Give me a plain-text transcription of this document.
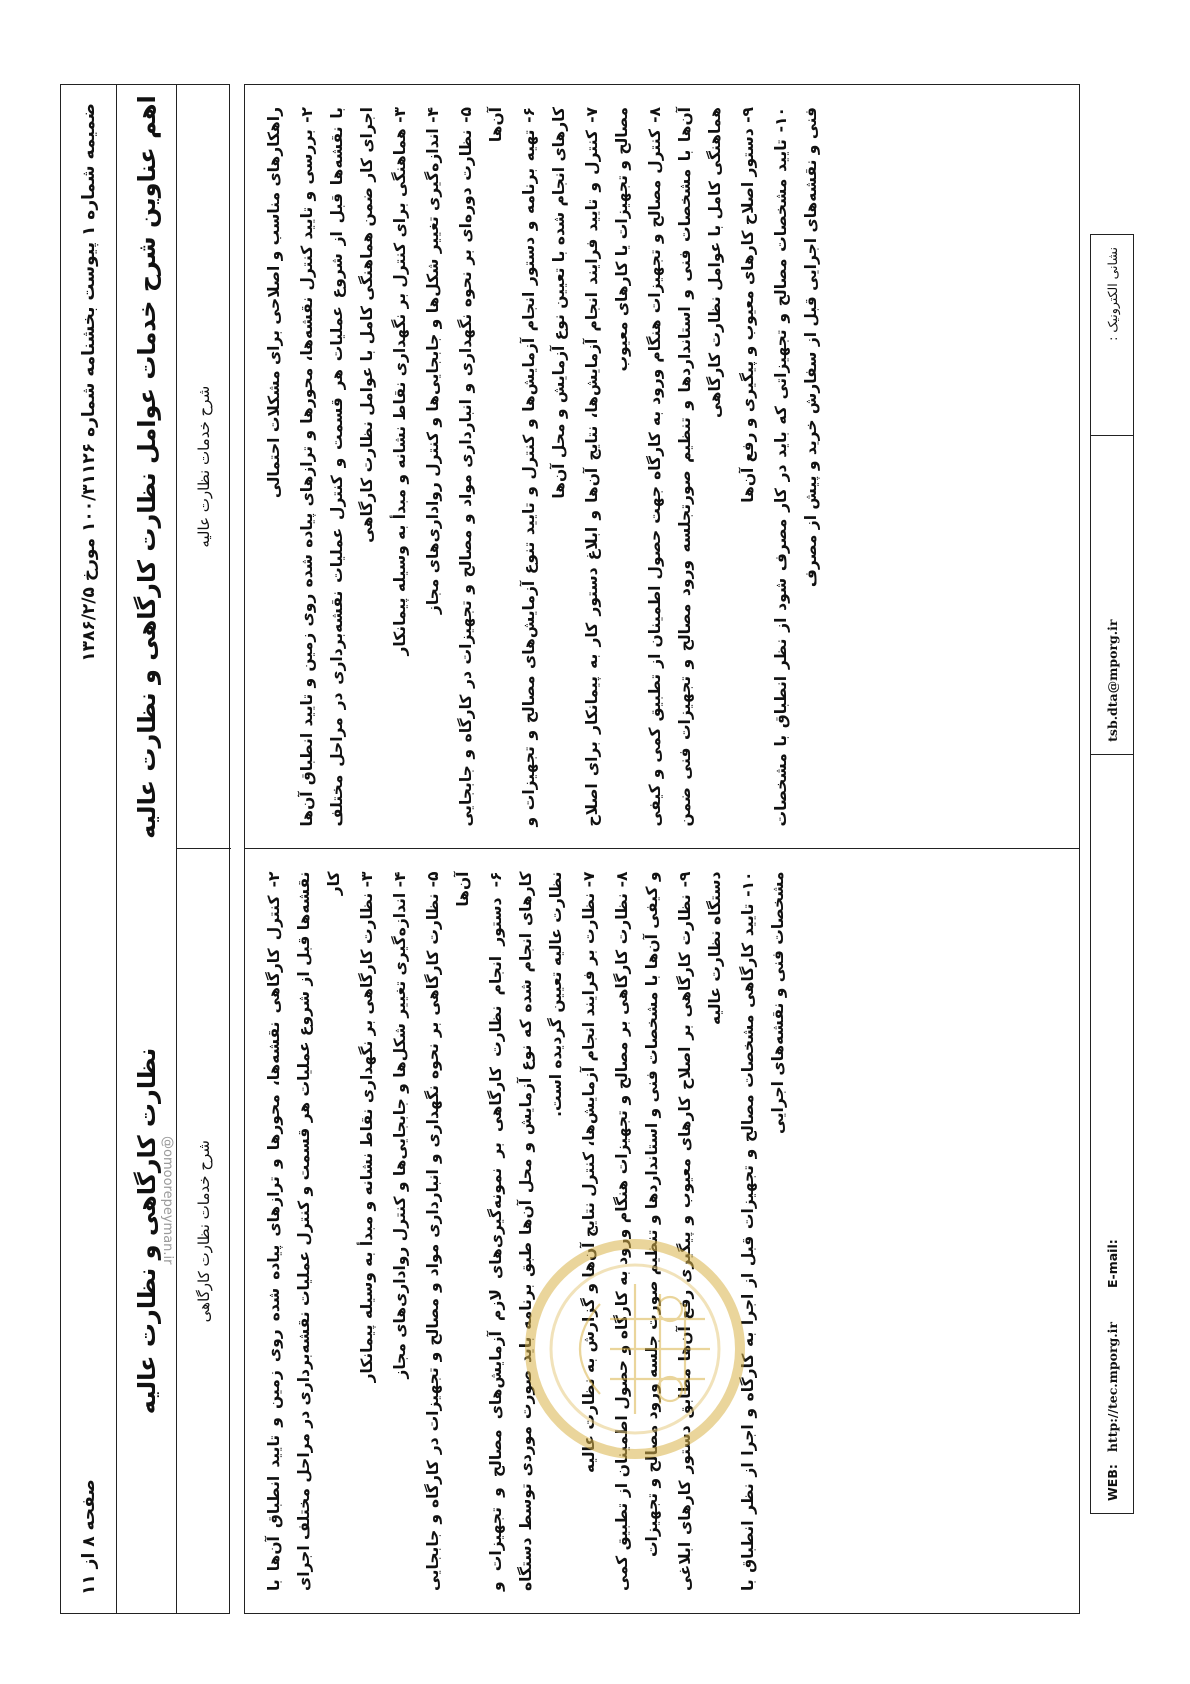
صفحه ۸ از ۱۱
ضمیمه شماره ۱ پیوست بخشنامه شماره ۱۰۰/۳۱۱۲۶ مورخ ۱۳۸۶/۲/۵
نظارت کارگاهی و نظارت عالیه
اهم عناوین شرح خدمات عوامل نظارت کارگاهی و نظارت عالیه
شرح خدمات نظارت کارگاهی
شرح خدمات نظارت عالیه

۲- کنترل کارگاهی نقشه‌ها، محورها و ترازهای پیاده شده روی زمین و تایید انطباق آن‌ها با نقشه‌ها قبل از شروع عملیات هر قسمت و کنترل عملیات نقشه‌برداری در مراحل مختلف اجرای کار ۳- نظارت کارگاهی بر نگهداری نقاط نشانه و مبدأ به وسیله پیمانکار

۴- اندازه‌گیری تغییر شکل‌ها و جابجایی‌ها و کنترل رواداری‌های مجاز

۵- نظارت کارگاهی بر نحوه نگهداری و انبارداری مواد و مصالح و تجهیزات در کارگاه و جابجایی آن‌ها ۶- دستور انجام نظارت کارگاهی بر نمونه‌گیری‌های لازم آزمایش‌های مصالح و تجهیزات و کارهای انجام شده که نوع آزمایش و محل آن‌ها طبق برنامه باید صورت موردی توسط دستگاه نظارت عالیه تعیین گردیده است. ۷- نظارت بر فرایند انجام آزمایش‌ها، کنترل نتایج آن‌ها و گزارش به نظارت عالیه

۸- نظارت کارگاهی بر مصالح و تجهیزات هنگام ورود به کارگاه و حصول اطمینان از تطبیق کمی و کیفی آن‌ها با مشخصات فنی و استانداردها و تنظیم صورت جلسه ورود مصالح و تجهیزات ۹- نظارت کارگاهی بر اصلاح کارهای معیوب و پیگیری رفع آن‌ها مطابق دستور کارهای ابلاغی دستگاه نظارت عالیه ۱۰- تایید کارگاهی مشخصات مصالح و تجهیزات قبل از اجرا به کارگاه و اجرا از نظر انطباق با مشخصات فنی و نقشه‌های اجرایی

راهکارهای مناسب و اصلاحی برای مشکلات احتمالی ۲- بررسی و تایید کنترل نقشه‌ها، محورها و ترازهای پیاده شده روی زمین و تایید انطباق آن‌ها با نقشه‌ها قبل از شروع عملیات هر قسمت و کنترل عملیات نقشه‌برداری در مراحل مختلف اجرای کار ضمن هماهنگی کامل با عوامل نظارت کارگاهی ۳- هماهنگی برای کنترل بر نگهداری نقاط نشانه و مبدأ به وسیله پیمانکار

۴- اندازه‌گیری تغییر شکل‌ها و جابجایی‌ها و کنترل رواداری‌های مجاز

۵- نظارت دوره‌ای بر نحوه نگهداری و انبارداری مواد و مصالح و تجهیزات در کارگاه و جابجایی آن‌ها ۶- تهیه برنامه و دستور انجام آزمایش‌ها و کنترل و تایید تنوع آزمایش‌های مصالح و تجهیزات و کارهای انجام شده با تعیین نوع آزمایش و محل آن‌ها ۷- کنترل و تایید فرایند انجام آزمایش‌ها، نتایج آن‌ها و ابلاغ دستور کار به پیمانکار برای اصلاح مصالح و تجهیزات یا کارهای معیوب ۸- کنترل مصالح و تجهیزات هنگام ورود به کارگاه جهت حصول اطمینان از تطبیق کمی و کیفی آن‌ها با مشخصات فنی و استانداردها و تنظیم صورتجلسه ورود مصالح و تجهیزات فنی ضمن هماهنگی کامل با عوامل نظارت کارگاهی ۹- دستور اصلاح کارهای معیوب و پیگیری و رفع آن‌ها

۱۰- تایید مشخصات مصالح و تجهیزاتی که باید در کار مصرف شود از نظر انطباق با مشخصات فنی و نقشه‌های اجرایی قبل از سفارش خرید و پیش از مصرف

WEB: http://tec.mporg.ir
E-mail:
tsb.dta@mporg.ir
نشانی الکترونیک :
@omoorepeyman.ir
